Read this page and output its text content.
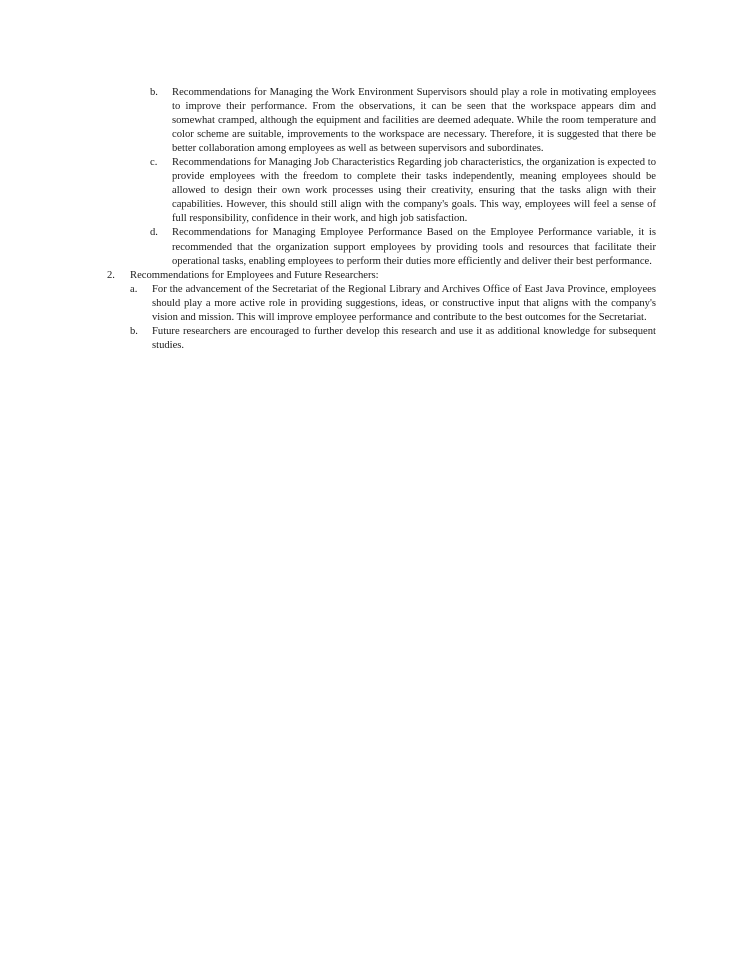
b.	Recommendations for Managing the Work Environment Supervisors should play a role in motivating employees to improve their performance. From the observations, it can be seen that the workspace appears dim and somewhat cramped, although the equipment and facilities are deemed adequate. While the room temperature and color scheme are suitable, improvements to the workspace are necessary. Therefore, it is suggested that there be better collaboration among employees as well as between supervisors and subordinates.
c.	Recommendations for Managing Job Characteristics Regarding job characteristics, the organization is expected to provide employees with the freedom to complete their tasks independently, meaning employees should be allowed to design their own work processes using their creativity, ensuring that the tasks align with their capabilities. However, this should still align with the company's goals. This way, employees will feel a sense of full responsibility, confidence in their work, and high job satisfaction.
d.	Recommendations for Managing Employee Performance Based on the Employee Performance variable, it is recommended that the organization support employees by providing tools and resources that facilitate their operational tasks, enabling employees to perform their duties more efficiently and deliver their best performance.
2.	Recommendations for Employees and Future Researchers:
a.	For the advancement of the Secretariat of the Regional Library and Archives Office of East Java Province, employees should play a more active role in providing suggestions, ideas, or constructive input that aligns with the company's vision and mission. This will improve employee performance and contribute to the best outcomes for the Secretariat.
b.	Future researchers are encouraged to further develop this research and use it as additional knowledge for subsequent studies.
